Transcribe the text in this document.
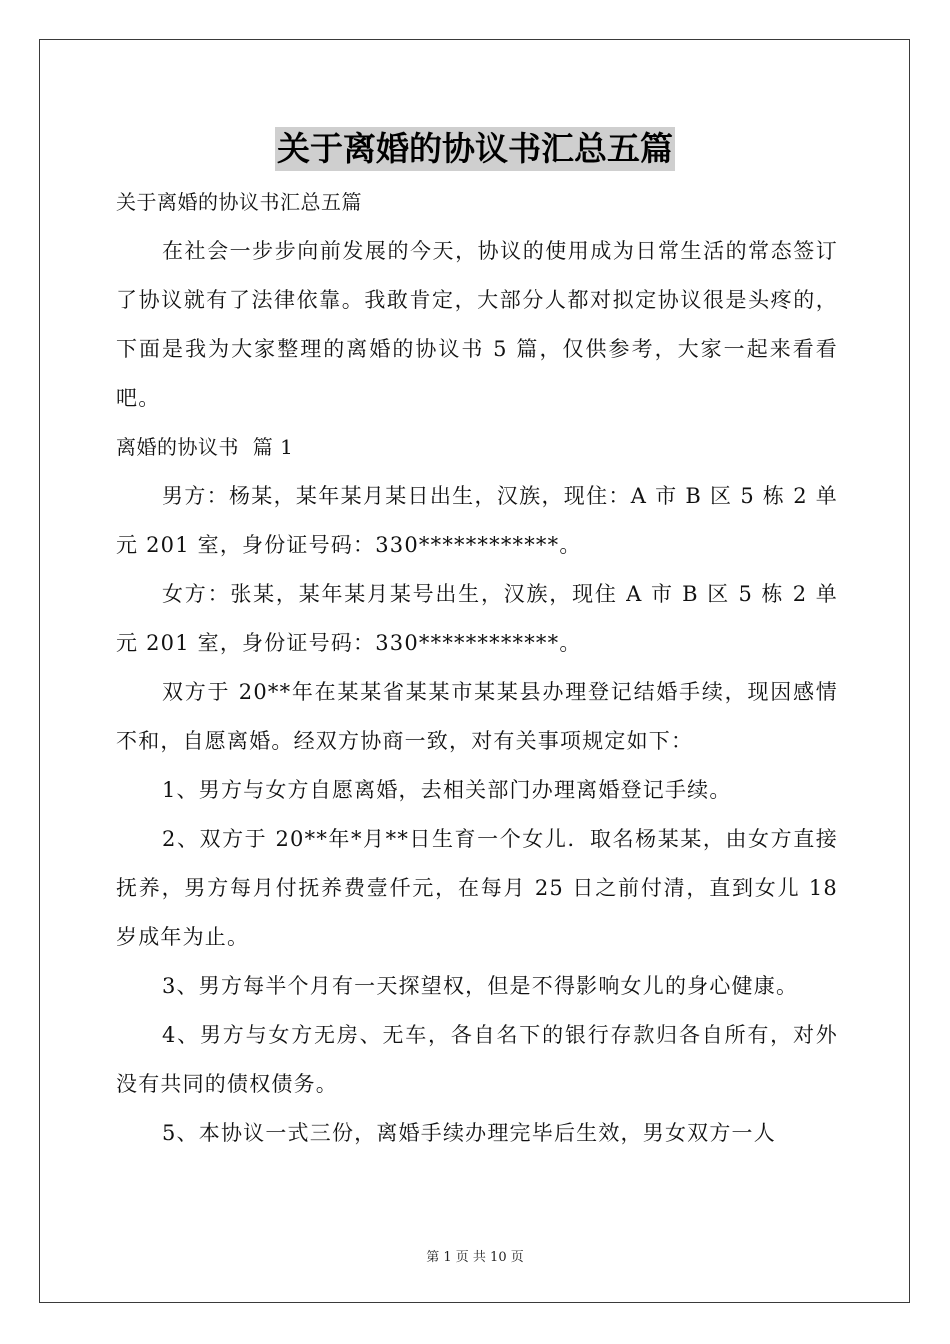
关于离婚的协议书汇总五篇

关于离婚的协议书汇总五篇

在社会一步步向前发展的今天，协议的使用成为日常生活的常态签订了协议就有了法律依靠。我敢肯定，大部分人都对拟定协议很是头疼的，下面是我为大家整理的离婚的协议书 5 篇，仅供参考，大家一起来看看吧。

离婚的协议书  篇 1

男方：杨某，某年某月某日出生，汉族，现住：A 市 B 区 5 栋 2 单元 201 室，身份证号码：330************。

女方：张某，某年某月某号出生，汉族，现住 A 市 B 区 5 栋 2 单元 201 室，身份证号码：330************。

双方于 20**年在某某省某某市某某县办理登记结婚手续，现因感情不和，自愿离婚。经双方协商一致，对有关事项规定如下：

1、男方与女方自愿离婚，去相关部门办理离婚登记手续。

2、双方于 20**年*月**日生育一个女儿．取名杨某某，由女方直接抚养，男方每月付抚养费壹仟元，在每月 25 日之前付清，直到女儿 18 岁成年为止。

3、男方每半个月有一天探望权，但是不得影响女儿的身心健康。

4、男方与女方无房、无车，各自名下的银行存款归各自所有，对外没有共同的债权债务。

5、本协议一式三份，离婚手续办理完毕后生效，男女双方一人

第 1 页 共 10 页
